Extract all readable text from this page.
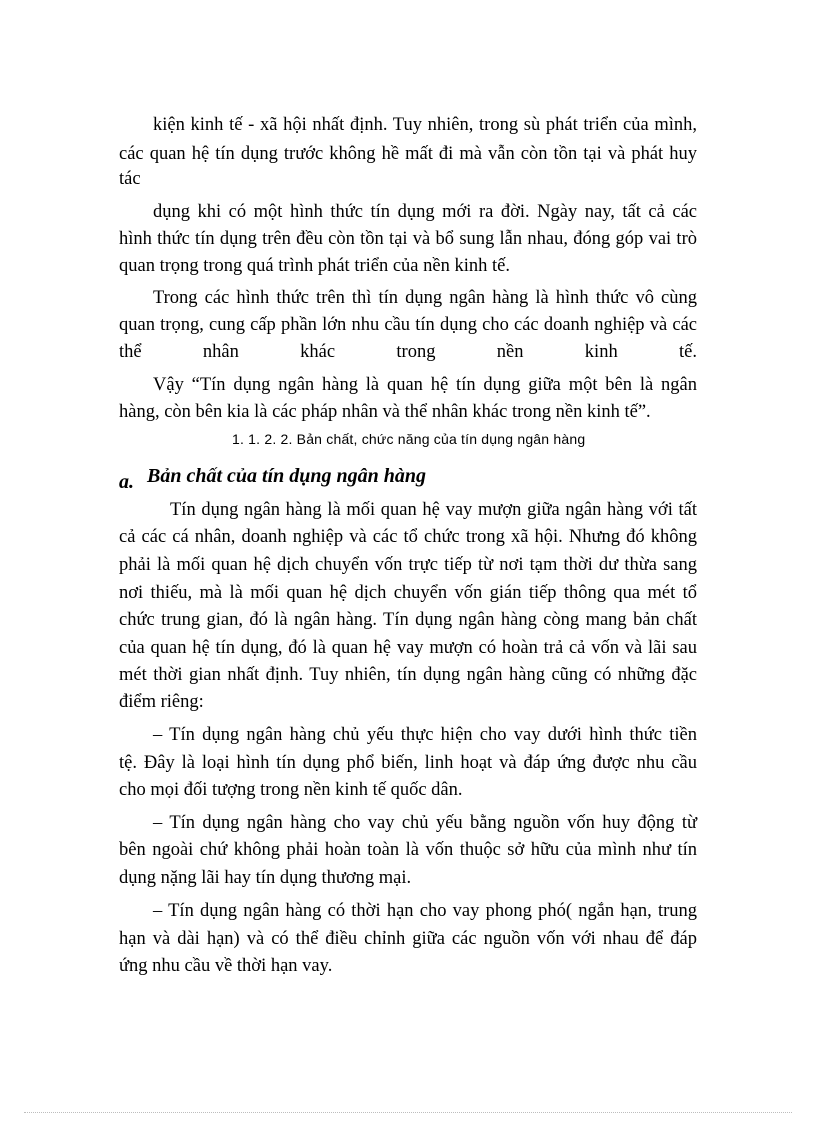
kiện kinh tế - xã hội nhất định. Tuy nhiên, trong sù phát triển của mình,
các quan hệ tín dụng trước không hề mất đi mà vẫn còn tồn tại và phát huy
tác
dụng khi có một hình thức tín dụng mới ra đời. Ngày nay, tất cả các
hình thức tín dụng trên đều còn tồn tại và bổ sung lẫn nhau, đóng góp vai trò
quan trọng trong quá trình phát triển của nền kinh tế.
Trong các hình thức trên thì tín dụng ngân hàng là hình thức vô cùng
quan trọng, cung cấp phần lớn nhu cầu tín dụng cho các doanh nghiệp và các
thể nhân khác trong nền kinh tế.
Vậy “Tín dụng ngân hàng là quan hệ tín dụng giữa một bên là ngân
hàng, còn bên kia là các pháp nhân và thể nhân khác trong nền kinh tế”.
1. 1. 2. 2. Bản chất, chức năng của tín dụng ngân hàng
a. Bản chất của tín dụng ngân hàng
Tín dụng ngân hàng là mối quan hệ vay mượn giữa ngân hàng với tất
cả các cá nhân, doanh nghiệp và các tổ chức trong xã hội. Nhưng đó không
phải là mối quan hệ dịch chuyển vốn trực tiếp từ nơi tạm thời dư thừa sang
nơi thiếu, mà là mối quan hệ dịch chuyển vốn gián tiếp thông qua mét tổ
chức trung gian, đó là ngân hàng. Tín dụng ngân hàng còng mang bản chất
của quan hệ tín dụng, đó là quan hệ vay mượn có hoàn trả cả vốn và lãi sau
mét thời gian nhất định. Tuy nhiên, tín dụng ngân hàng cũng có những đặc
điểm riêng:
– Tín dụng ngân hàng chủ yếu thực hiện cho vay dưới hình thức tiền
tệ. Đây là loại hình tín dụng phổ biến, linh hoạt và đáp ứng được nhu cầu
cho mọi đối tượng trong nền kinh tế quốc dân.
– Tín dụng ngân hàng cho vay chủ yếu bằng nguồn vốn huy động từ
bên ngoài chứ không phải hoàn toàn là vốn thuộc sở hữu của mình như tín
dụng nặng lãi hay tín dụng thương mại.
– Tín dụng ngân hàng có thời hạn cho vay phong phó( ngắn hạn, trung
hạn và dài hạn) và có thể điều chỉnh giữa các nguồn vốn với nhau để đáp
ứng nhu cầu về thời hạn vay.
